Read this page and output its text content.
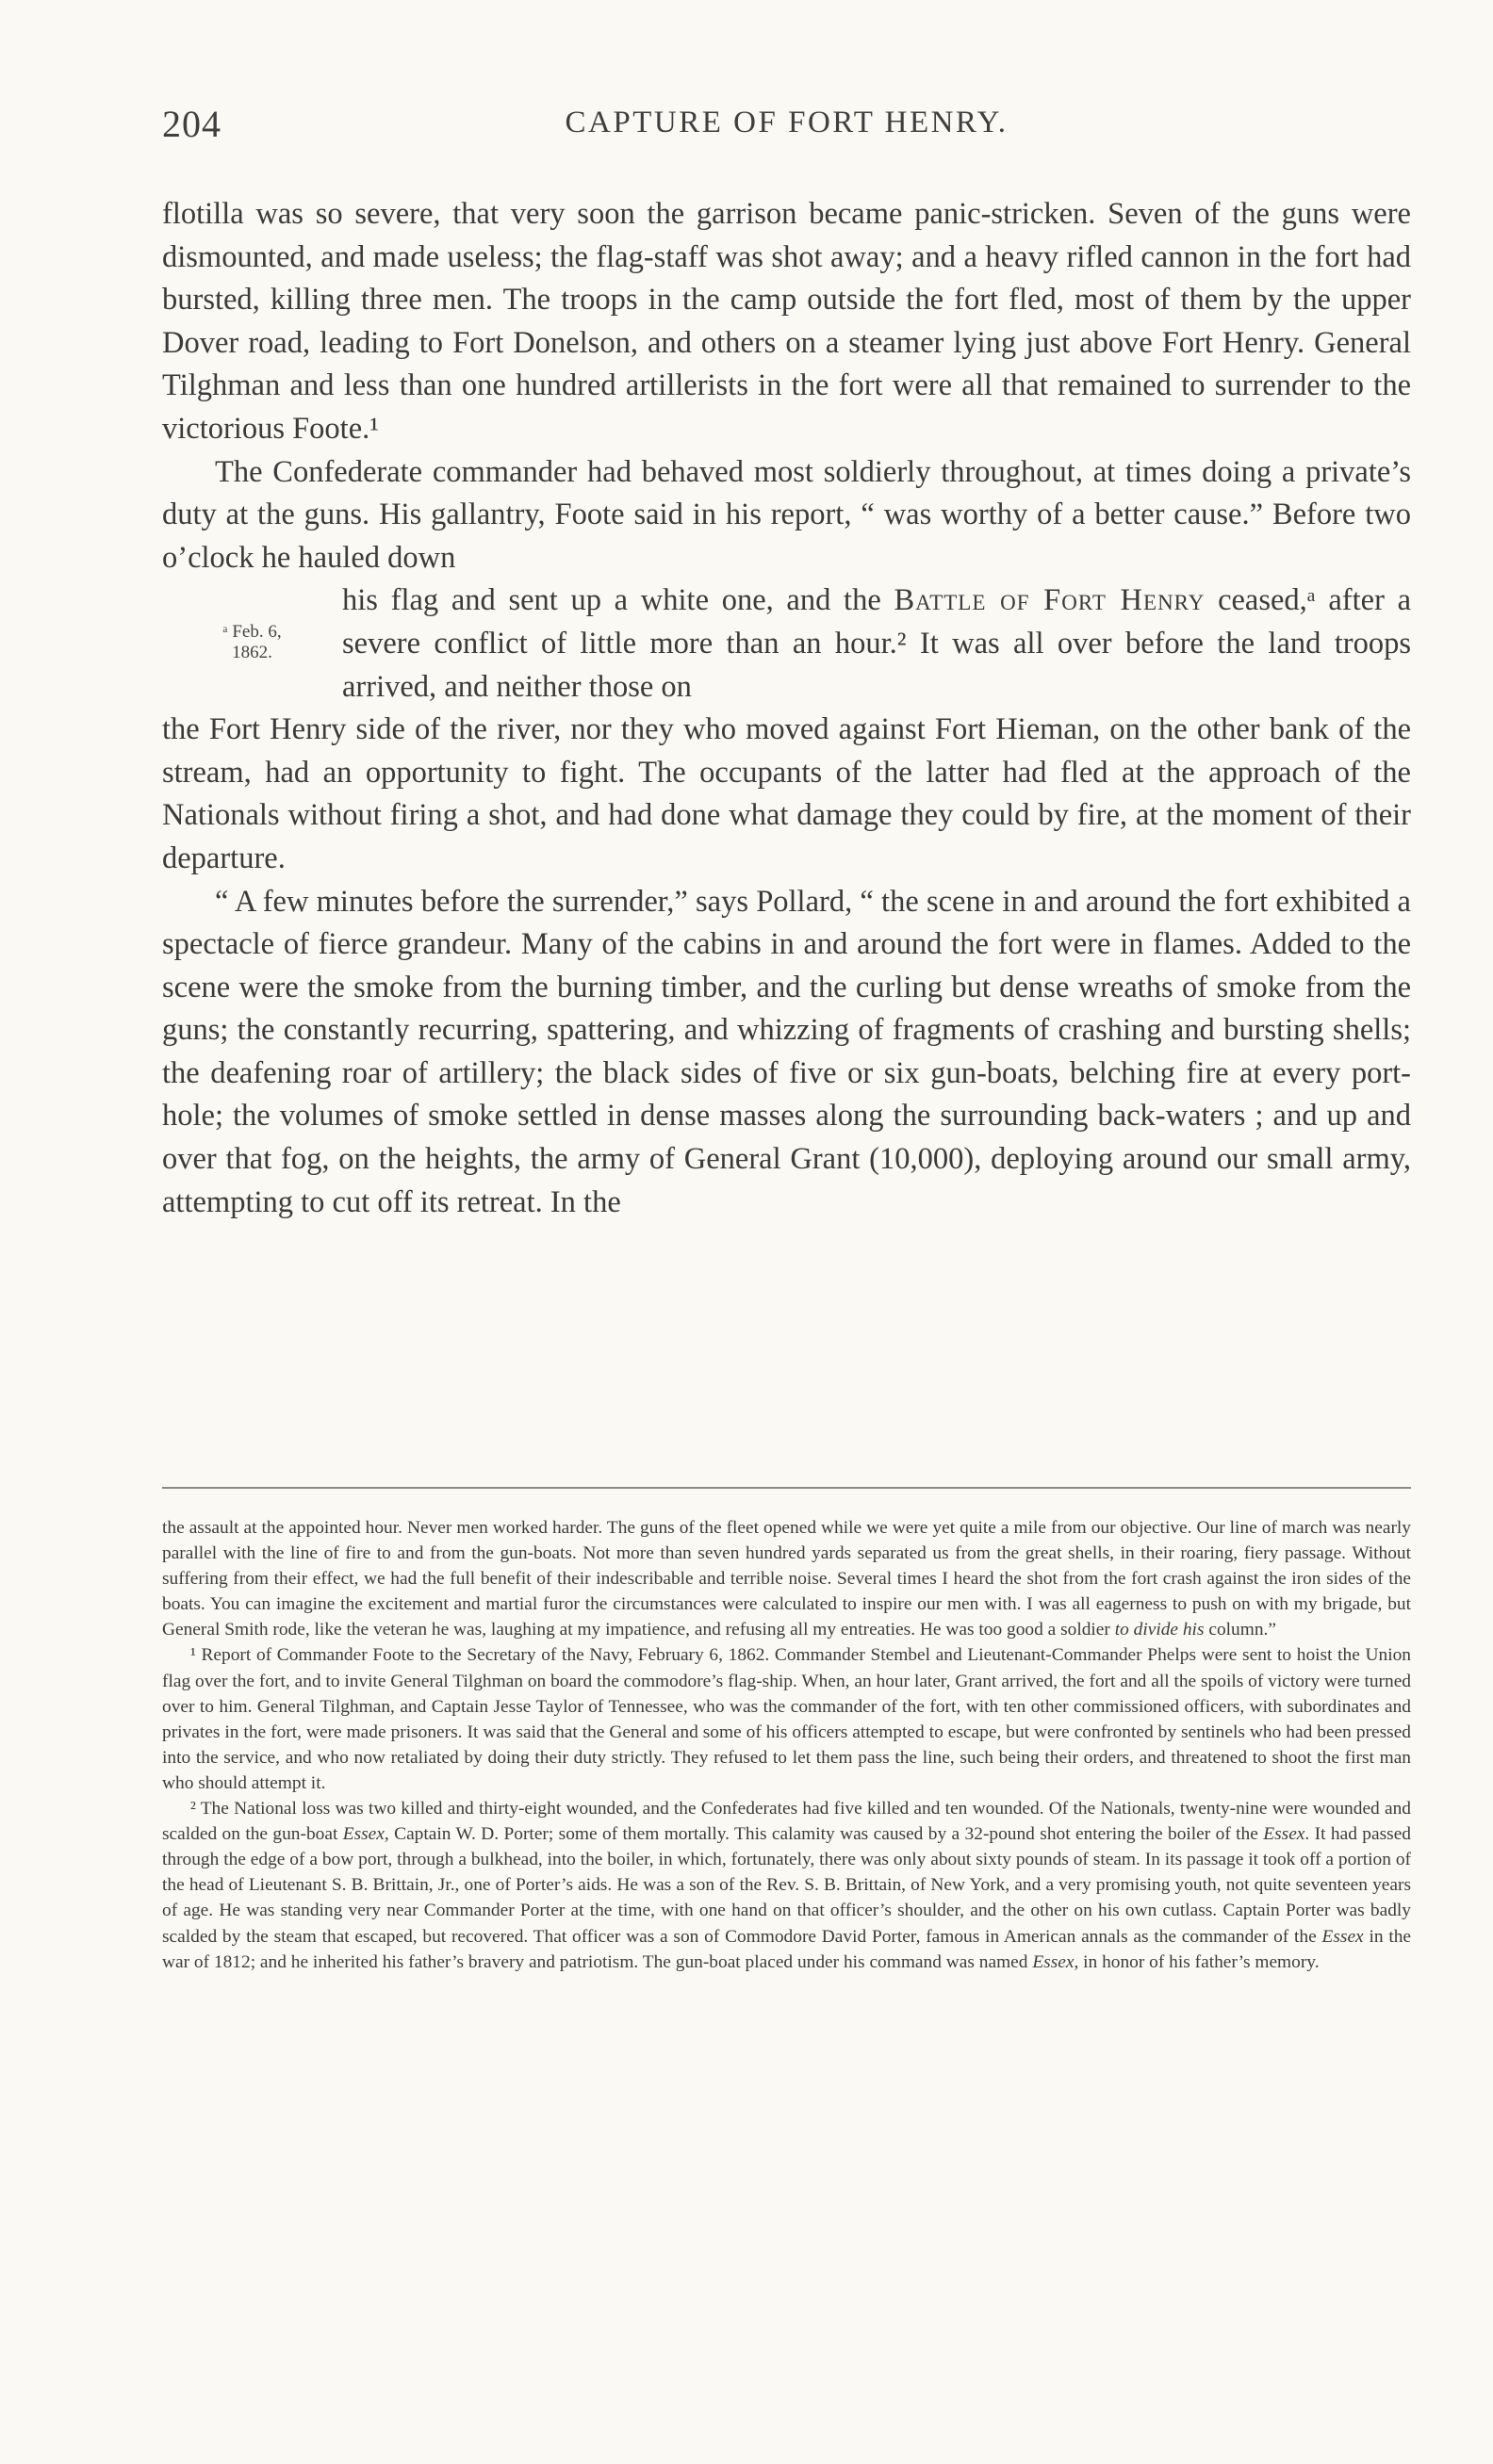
204	CAPTURE OF FORT HENRY.

flotilla was so severe, that very soon the garrison became panic-stricken. Seven of the guns were dismounted, and made useless; the flag-staff was shot away; and a heavy rifled cannon in the fort had bursted, killing three men. The troops in the camp outside the fort fled, most of them by the upper Dover road, leading to Fort Donelson, and others on a steamer lying just above Fort Henry. General Tilghman and less than one hundred artillerists in the fort were all that remained to surrender to the victorious Foote.¹

The Confederate commander had behaved most soldierly throughout, at times doing a private’s duty at the guns. His gallantry, Foote said in his report, “ was worthy of a better cause.” Before two o’clock he hauled down

ᵃ Feb. 6,
1862.
his flag and sent up a white one, and the Battle of Fort Henry ceased,ᵃ after a severe conflict of little more than an hour.² It was all over before the land troops arrived, and neither those on

the Fort Henry side of the river, nor they who moved against Fort Hieman, on the other bank of the stream, had an opportunity to fight. The occupants of the latter had fled at the approach of the Nationals without firing a shot, and had done what damage they could by fire, at the moment of their departure.

“ A few minutes before the surrender,” says Pollard, “ the scene in and around the fort exhibited a spectacle of fierce grandeur. Many of the cabins in and around the fort were in flames. Added to the scene were the smoke from the burning timber, and the curling but dense wreaths of smoke from the guns; the constantly recurring, spattering, and whizzing of fragments of crashing and bursting shells; the deafening roar of artillery; the black sides of five or six gun-boats, belching fire at every port-hole; the volumes of smoke settled in dense masses along the surrounding back-waters ; and up and over that fog, on the heights, the army of General Grant (10,000), deploying around our small army, attempting to cut off its retreat. In the

the assault at the appointed hour. Never men worked harder. The guns of the fleet opened while we were yet quite a mile from our objective. Our line of march was nearly parallel with the line of fire to and from the gun-boats. Not more than seven hundred yards separated us from the great shells, in their roaring, fiery passage. Without suffering from their effect, we had the full benefit of their indescribable and terrible noise. Several times I heard the shot from the fort crash against the iron sides of the boats. You can imagine the excitement and martial furor the circumstances were calculated to inspire our men with. I was all eagerness to push on with my brigade, but General Smith rode, like the veteran he was, laughing at my impatience, and refusing all my entreaties. He was too good a soldier to divide his column.”

¹ Report of Commander Foote to the Secretary of the Navy, February 6, 1862. Commander Stembel and Lieutenant-Commander Phelps were sent to hoist the Union flag over the fort, and to invite General Tilghman on board the commodore’s flag-ship. When, an hour later, Grant arrived, the fort and all the spoils of victory were turned over to him. General Tilghman, and Captain Jesse Taylor of Tennessee, who was the commander of the fort, with ten other commissioned officers, with subordinates and privates in the fort, were made prisoners. It was said that the General and some of his officers attempted to escape, but were confronted by sentinels who had been pressed into the service, and who now retaliated by doing their duty strictly. They refused to let them pass the line, such being their orders, and threatened to shoot the first man who should attempt it.

² The National loss was two killed and thirty-eight wounded, and the Confederates had five killed and ten wounded. Of the Nationals, twenty-nine were wounded and scalded on the gun-boat Essex, Captain W. D. Porter; some of them mortally. This calamity was caused by a 32-pound shot entering the boiler of the Essex. It had passed through the edge of a bow port, through a bulkhead, into the boiler, in which, fortunately, there was only about sixty pounds of steam. In its passage it took off a portion of the head of Lieutenant S. B. Brittain, Jr., one of Porter’s aids. He was a son of the Rev. S. B. Brittain, of New York, and a very promising youth, not quite seventeen years of age. He was standing very near Commander Porter at the time, with one hand on that officer’s shoulder, and the other on his own cutlass. Captain Porter was badly scalded by the steam that escaped, but recovered. That officer was a son of Commodore David Porter, famous in American annals as the commander of the Essex in the war of 1812; and he inherited his father’s bravery and patriotism. The gun-boat placed under his command was named Essex, in honor of his father’s memory.
